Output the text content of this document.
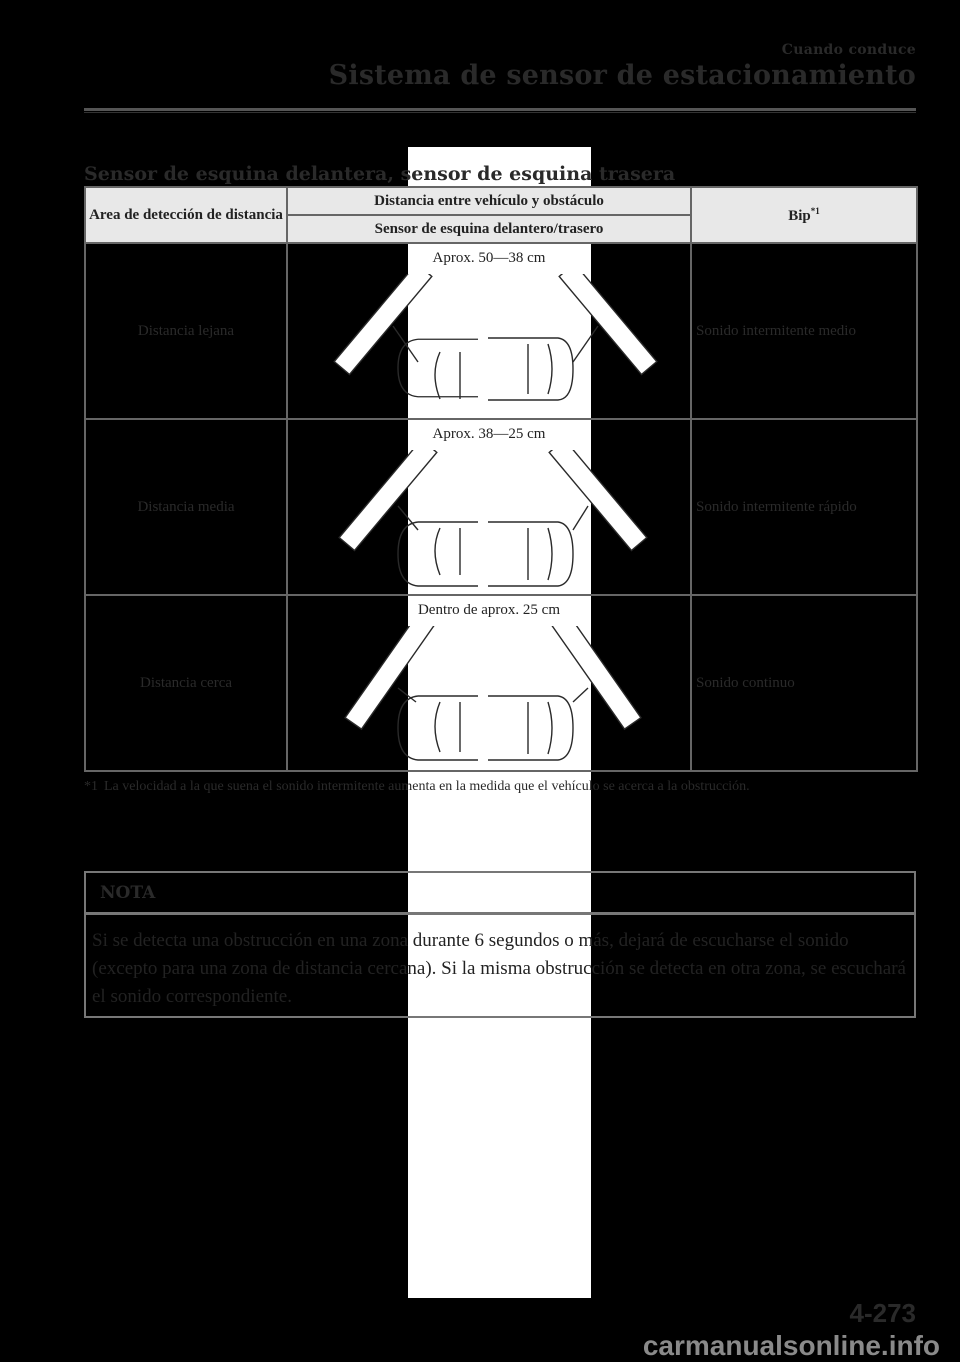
Cuando conduce
Sistema de sensor de estacionamiento
Sensor de esquina delantera, sensor de esquina trasera
Area de detección de distancia	Distancia entre vehículo y obstáculo	Bip$^{*1}$
	Sensor de esquina delantero/trasero	
Distancia lejana	Aprox. 50—38 cm	Sonido intermitente medio
Distancia media	Aprox. 38—25 cm	Sonido intermitente rápido
Distancia cerca	Dentro de aprox. 25 cm	Sonido continuo
*1 La velocidad a la que suena el sonido intermitente aumenta en la medida que el vehículo se acerca a la obstrucción.
NOTA
Si se detecta una obstrucción en una zona durante 6 segundos o más, dejará de escucharse el sonido (excepto para una zona de distancia cercana). Si la misma obstrucción se detecta en otra zona, se escuchará el sonido correspondiente.
4-273
carmanualsonline.info
